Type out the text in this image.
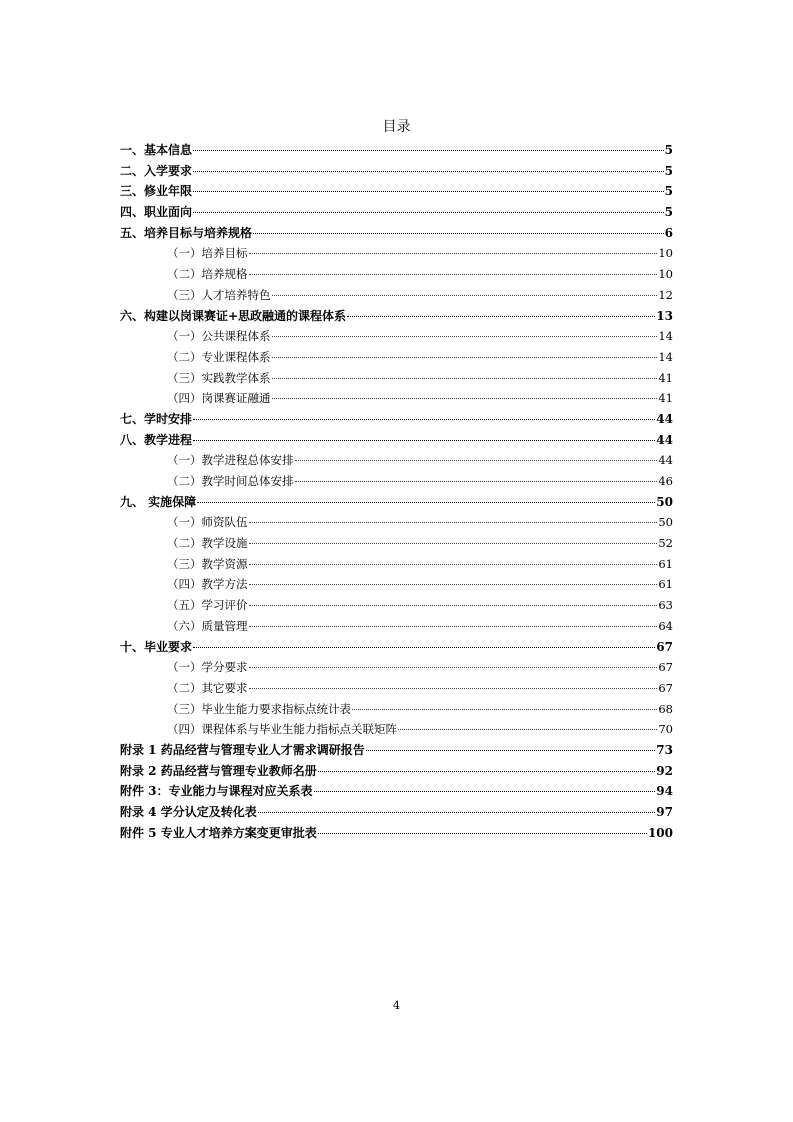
目录
一、基本信息	5
二、入学要求	5
三、修业年限	5
四、职业面向	5
五、培养目标与培养规格	6
（一）培养目标	10
（二）培养规格	10
（三）人才培养特色	12
六、构建以岗课赛证+思政融通的课程体系	13
（一）公共课程体系	14
（二）专业课程体系	14
（三）实践教学体系	41
（四）岗课赛证融通	41
七、学时安排	44
八、教学进程	44
（一）教学进程总体安排	44
（二）教学时间总体安排	46
九、 实施保障	50
（一）师资队伍	50
（二）教学设施	52
（三）教学资源	61
（四）教学方法	61
（五）学习评价	63
（六）质量管理	64
十、毕业要求	67
（一）学分要求	67
（二）其它要求	67
（三）毕业生能力要求指标点统计表	68
（四）课程体系与毕业生能力指标点关联矩阵	70
附录 1 药品经营与管理专业人才需求调研报告	73
附录 2 药品经营与管理专业教师名册	92
附件 3：专业能力与课程对应关系表	94
附录 4 学分认定及转化表	97
附件 5 专业人才培养方案变更审批表	100
4
